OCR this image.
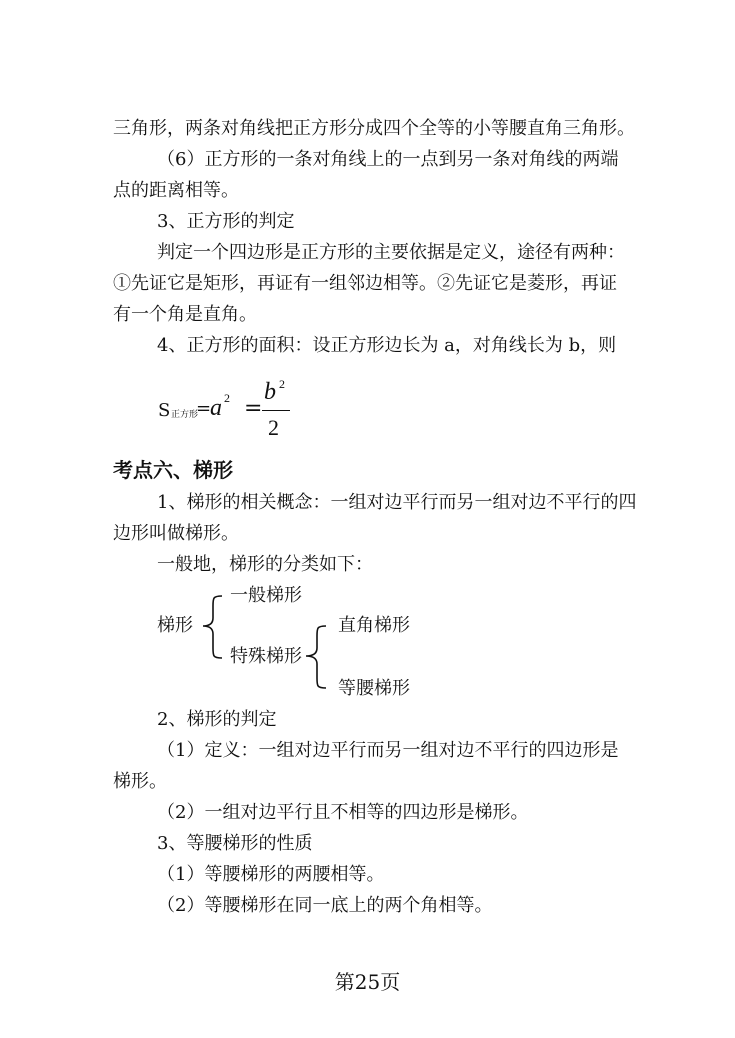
三角形，两条对角线把正方形分成四个全等的小等腰直角三角形。
（6）正方形的一条对角线上的一点到另一条对角线的两端
点的距离相等。
3、正方形的判定
判定一个四边形是正方形的主要依据是定义，途径有两种：
①先证它是矩形，再证有一组邻边相等。②先证它是菱形，再证
有一个角是直角。
4、正方形的面积：设正方形边长为 a，对角线长为 b，则
S 正方形
=
a 2 =
b 2
2
考点六、梯形
1、梯形的相关概念：一组对边平行而另一组对边不平行的四
边形叫做梯形。
一般地，梯形的分类如下：
梯形
一般梯形
特殊梯形
直角梯形
等腰梯形
2、梯形的判定
（1）定义：一组对边平行而另一组对边不平行的四边形是
梯形。
（2）一组对边平行且不相等的四边形是梯形。
3、等腰梯形的性质
（1）等腰梯形的两腰相等。
（2）等腰梯形在同一底上的两个角相等。
第25页
